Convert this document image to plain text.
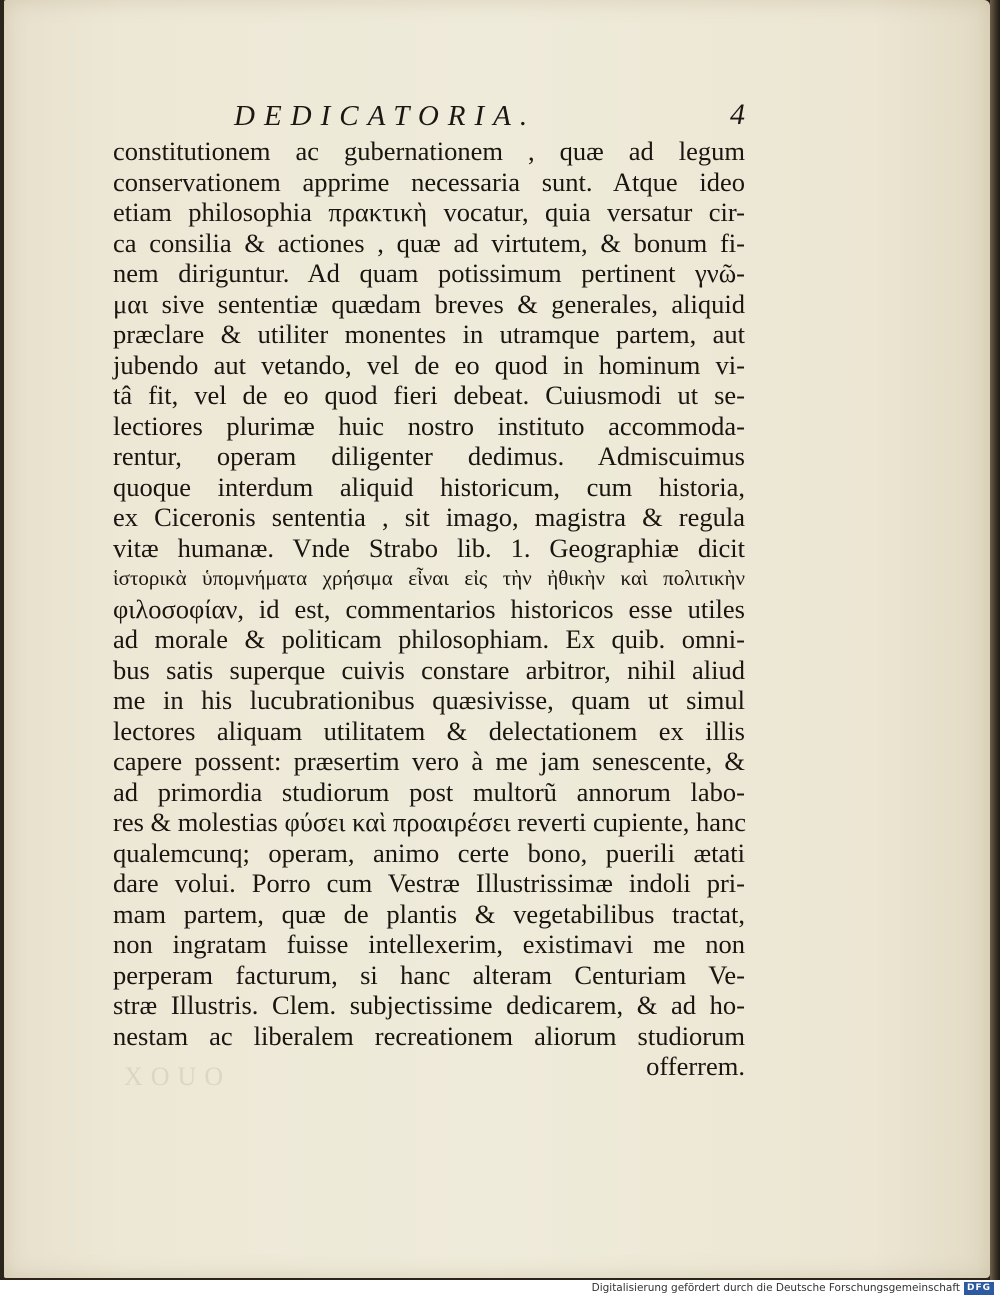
DEDICATORIA.	4
constitutionem ac gubernationem , quæ ad legum
conservationem apprime necessaria sunt. Atque ideo
etiam philosophia πρακτικὴ vocatur, quia versatur cir-
ca consilia & actiones , quæ ad virtutem, & bonum fi-
nem diriguntur. Ad quam potissimum pertinent γνῶ-
μαι sive sententiæ quædam breves & generales, aliquid
præclare & utiliter monentes in utramque partem, aut
jubendo aut vetando, vel de eo quod in hominum vi-
tâ fit, vel de eo quod fieri debeat. Cuiusmodi ut se-
lectiores plurimæ huic nostro instituto accommoda-
rentur, operam diligenter dedimus. Admiscuimus
quoque interdum aliquid historicum, cum historia,
ex Ciceronis sententia , sit imago, magistra & regula
vitæ humanæ. Vnde Strabo lib. 1. Geographiæ dicit
ἱστορικὰ ὑπομνήματα χρήσιμα εἶναι εἰς τὴν ἠθικὴν καὶ πολιτικὴν
φιλοσοφίαν, id est, commentarios historicos esse utiles
ad morale & politicam philosophiam. Ex quib. omni-
bus satis superque cuivis constare arbitror, nihil aliud
me in his lucubrationibus quæsivisse, quam ut simul
lectores aliquam utilitatem & delectationem ex illis
capere possent: præsertim vero à me jam senescente, &
ad primordia studiorum post multorũ annorum labo-
res & molestias φύσει καὶ προαιρέσει reverti cupiente, hanc
qualemcunq; operam, animo certe bono, puerili ætati
dare volui. Porro cum Vestræ Illustrissimæ indoli pri-
mam partem, quæ de plantis & vegetabilibus tractat,
non ingratam fuisse intellexerim, existimavi me non
perperam facturum, si hanc alteram Centuriam Ve-
stræ Illustris. Clem. subjectissime dedicarem, & ad ho-
nestam ac liberalem recreationem aliorum studiorum
offerrem.
XOUO
Digitalisierung gefördert durch die Deutsche Forschungsgemeinschaft DFG
